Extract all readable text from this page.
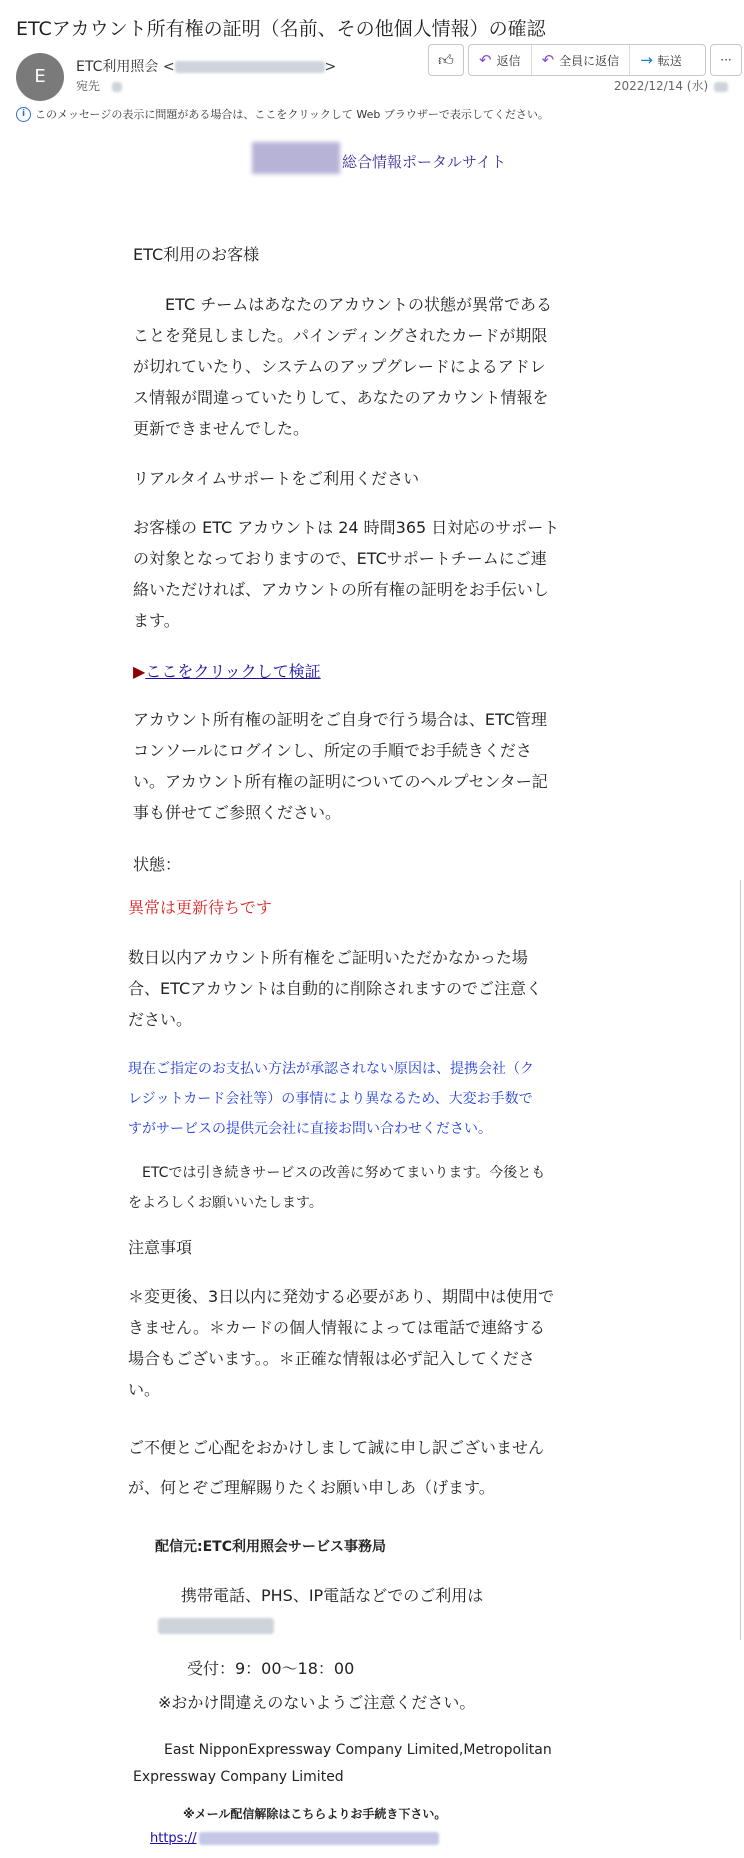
ETCアカウント所有権の証明（名前、その他個人情報）の確認
E	ETC利用照会 <	>
宛先
👍︎ ↶ 返信 ↶ 全員に返信 → 転送	···
2022/12/14 (水)
i このメッセージの表示に問題がある場合は、ここをクリックして Web ブラウザーで表示してください。
総合情報ポータルサイト
ETC利用のお客様
　　ETC チームはあなたのアカウントの状態が異常である
ことを発見しました。パインディングされたカードが期限
が切れていたり、システムのアップグレードによるアドレ
ス情報が間違っていたりして、あなたのアカウント情報を
更新できませんでした。
リアルタイムサポートをご利用ください
お客様の ETC アカウントは 24 時間365 日対応のサポート
の対象となっておりますので、ETCサポートチームにご連
絡いただければ、アカウントの所有権の証明をお手伝いし
ます。
▶ここをクリックして検証
アカウント所有権の証明をご自身で行う場合は、ETC管理
コンソールにログインし、所定の手順でお手続きくださ
い。アカウント所有権の証明についてのヘルプセンター記
事も併せてご参照ください。
状態：
異常は更新待ちです
数日以内アカウント所有権をご証明いただかなかった場
合、ETCアカウントは自動的に削除されますのでご注意く
ださい。
現在ご指定のお支払い方法が承認されない原因は、提携会社（ク
レジットカード会社等）の事情により異なるため、大変お手数で
すがサービスの提供元会社に直接お問い合わせください。
　ETCでは引き続きサービスの改善に努めてまいります。今後とも
をよろしくお願いいたします。
注意事項
＊変更後、3日以内に発効する必要があり、期間中は使用で
きません。＊カードの個人情報によっては電話で連絡する
場合もございます。。＊正確な情報は必ず記入してくださ
い。
ご不便とご心配をおかけしまして誠に申し訳ございません
が、何とぞご理解賜りたくお願い申しあ（げます。
配信元:ETC利用照会サービス事務局
携帯電話、PHS、IP電話などでのご利用は
受付：9：00～18：00
※おかけ間違えのないようご注意ください。
East NipponExpressway Company Limited,Metropolitan
Expressway Company Limited
※メール配信解除はこちらよりお手続き下さい。
https://
